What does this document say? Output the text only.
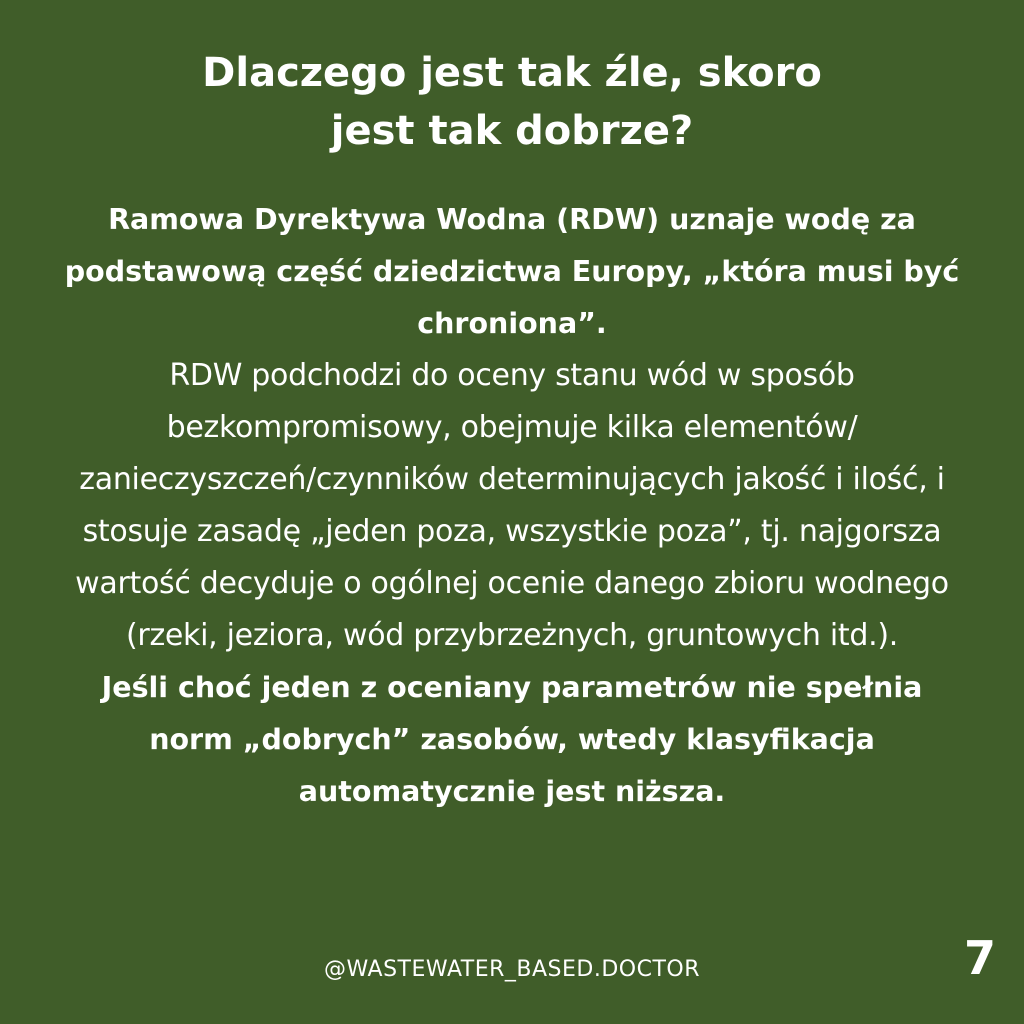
Dlaczego jest tak źle, skoro
jest tak dobrze?

Ramowa Dyrektywa Wodna (RDW) uznaje wodę za podstawową część dziedzictwa Europy, „która musi być chroniona”.

RDW podchodzi do oceny stanu wód w sposób bezkompromisowy, obejmuje kilka elementów/ zanieczyszczeń/czynników determinujących jakość i ilość, i stosuje zasadę „jeden poza, wszystkie poza”, tj. najgorsza wartość decyduje o ogólnej ocenie danego zbioru wodnego (rzeki, jeziora, wód przybrzeżnych, gruntowych itd.).

Jeśli choć jeden z oceniany parametrów nie spełnia norm „dobrych” zasobów, wtedy klasyfikacja automatycznie jest niższa.

@WASTEWATER_BASED.DOCTOR	7
